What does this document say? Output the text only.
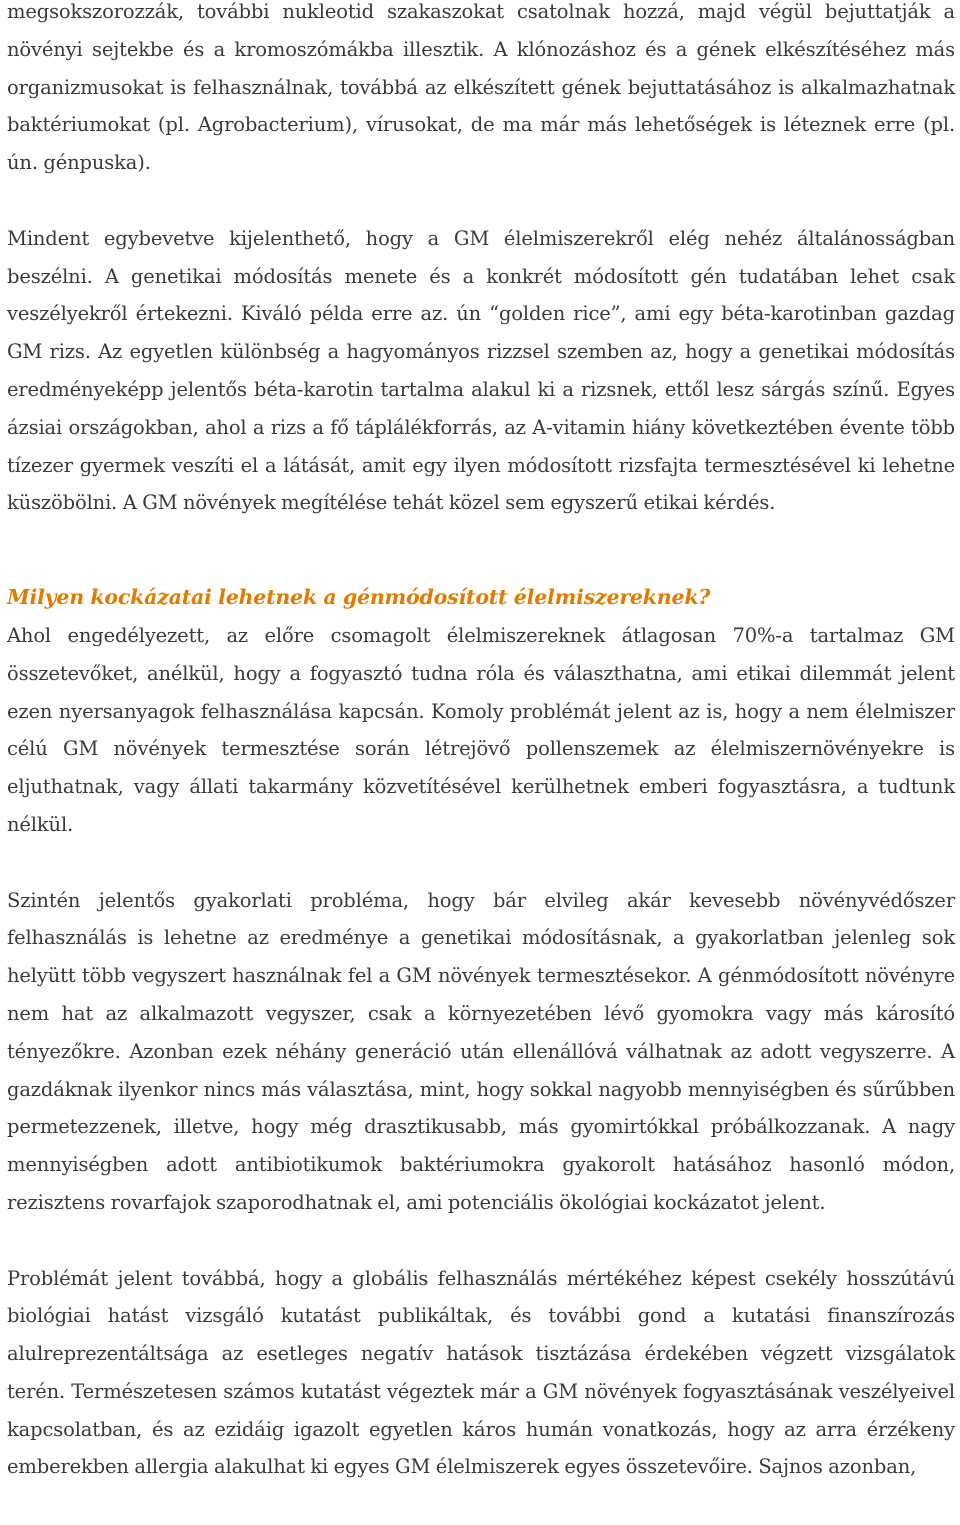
megsokszorozzák, további nukleotid szakaszokat csatolnak hozzá, majd végül bejuttatják a növényi sejtekbe és a kromoszómákba illesztik. A klónozáshoz és a gének elkészítéséhez más organizmusokat is felhasználnak, továbbá az elkészített gének bejuttatásához is alkalmazhatnak baktériumokat (pl. Agrobacterium), vírusokat, de ma már más lehetőségek is léteznek erre (pl. ún. génpuska).

Mindent egybevetve kijelenthető, hogy a GM élelmiszerekről elég nehéz általánosságban beszélni. A genetikai módosítás menete és a konkrét módosított gén tudatában lehet csak veszélyekről értekezni. Kiváló példa erre az. ún “golden rice”, ami egy béta-karotinban gazdag GM rizs. Az egyetlen különbség a hagyományos rizzsel szemben az, hogy a genetikai módosítás eredményeképp jelentős béta-karotin tartalma alakul ki a rizsnek, ettől lesz sárgás színű. Egyes ázsiai országokban, ahol a rizs a fő táplálékforrás, az A-vitamin hiány következtében évente több tízezer gyermek veszíti el a látását, amit egy ilyen módosított rizsfajta termesztésével ki lehetne küszöbölni. A GM növények megítélése tehát közel sem egyszerű etikai kérdés.

Milyen kockázatai lehetnek a génmódosított élelmiszereknek?

Ahol engedélyezett, az előre csomagolt élelmiszereknek átlagosan 70%-a tartalmaz GM összetevőket, anélkül, hogy a fogyasztó tudna róla és választhatna, ami etikai dilemmát jelent ezen nyersanyagok felhasználása kapcsán. Komoly problémát jelent az is, hogy a nem élelmiszer célú GM növények termesztése során létrejövő pollenszemek az élelmiszernövényekre is eljuthatnak, vagy állati takarmány közvetítésével kerülhetnek emberi fogyasztásra, a tudtunk nélkül.

Szintén jelentős gyakorlati probléma, hogy bár elvileg akár kevesebb növényvédőszer felhasználás is lehetne az eredménye a genetikai módosításnak, a gyakorlatban jelenleg sok helyütt több vegyszert használnak fel a GM növények termesztésekor. A génmódosított növényre nem hat az alkalmazott vegyszer, csak a környezetében lévő gyomokra vagy más károsító tényezőkre. Azonban ezek néhány generáció után ellenállóvá válhatnak az adott vegyszerre. A gazdáknak ilyenkor nincs más választása, mint, hogy sokkal nagyobb mennyiségben és sűrűbben permetezzenek, illetve, hogy még drasztikusabb, más gyomirtókkal próbálkozzanak. A nagy mennyiségben adott antibiotikumok baktériumokra gyakorolt hatásához hasonló módon, rezisztens rovarfajok szaporodhatnak el, ami potenciális ökológiai kockázatot jelent.

Problémát jelent továbbá, hogy a globális felhasználás mértékéhez képest csekély hosszútávú biológiai hatást vizsgáló kutatást publikáltak, és további gond a kutatási finanszírozás alulreprezentáltsága az esetleges negatív hatások tisztázása érdekében végzett vizsgálatok terén. Természetesen számos kutatást végeztek már a GM növények fogyasztásának veszélyeivel kapcsolatban, és az ezidáig igazolt egyetlen káros humán vonatkozás, hogy az arra érzékeny emberekben allergia alakulhat ki egyes GM élelmiszerek egyes összetevőire. Sajnos azonban,
